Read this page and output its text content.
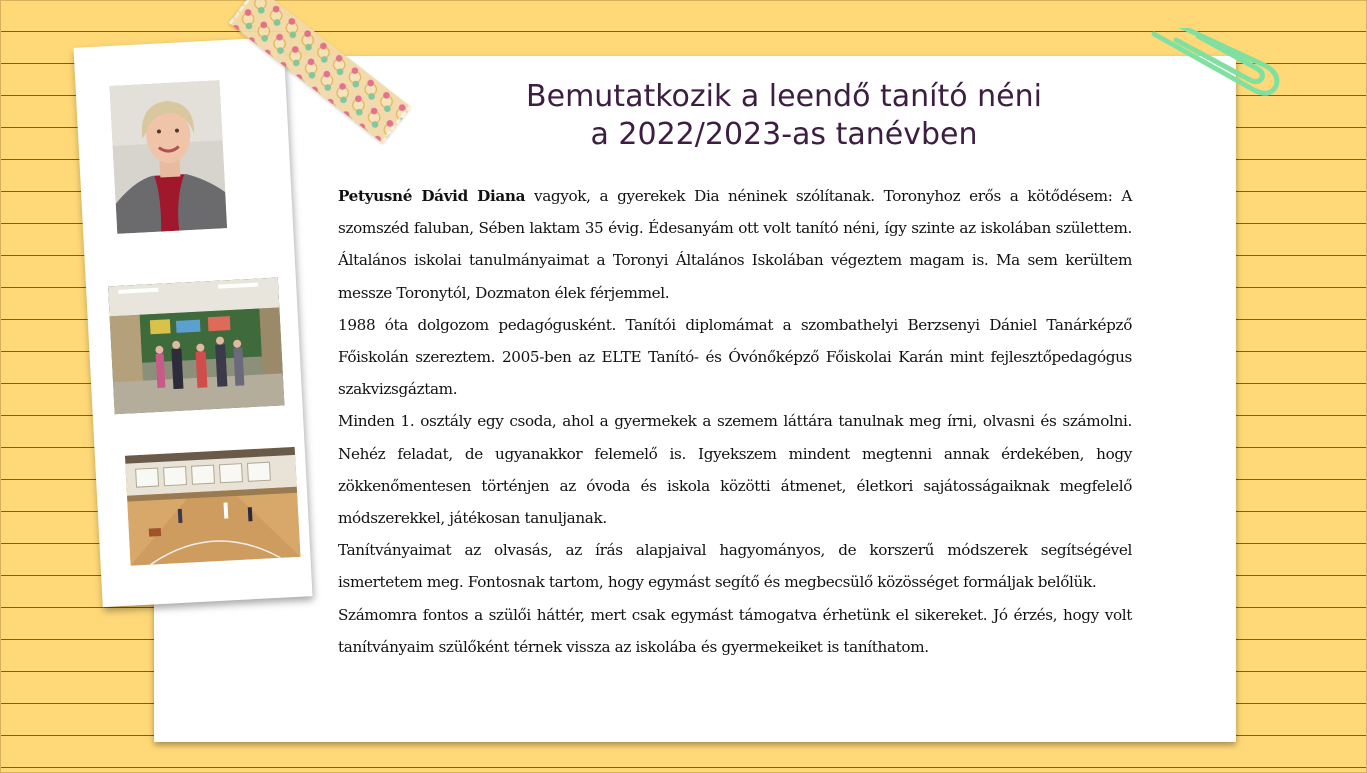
Bemutatkozik a leendő tanító néni
a 2022/2023-as tanévben

Petyusné Dávid Diana vagyok, a gyerekek Dia néninek szólítanak. Toronyhoz erős a kötődésem: A szomszéd faluban, Sében laktam 35 évig. Édesanyám ott volt tanító néni, így szinte az iskolában születtem. Általános iskolai tanulmányaimat a Toronyi Általános Iskolában végeztem magam is. Ma sem kerültem messze Toronytól, Dozmaton élek férjemmel.

1988 óta dolgozom pedagógusként. Tanítói diplomámat a szombathelyi Berzsenyi Dániel Tanárképző Főiskolán szereztem. 2005-ben az ELTE Tanító- és Óvónőképző Főiskolai Karán mint fejlesztőpedagógus szakvizsgáztam.

Minden 1. osztály egy csoda, ahol a gyermekek a szemem láttára tanulnak meg írni, olvasni és számolni. Nehéz feladat, de ugyanakkor felemelő is. Igyekszem mindent megtenni annak érdekében, hogy zökkenőmentesen történjen az óvoda és iskola közötti átmenet, életkori sajátosságaiknak megfelelő módszerekkel, játékosan tanuljanak.

Tanítványaimat az olvasás, az írás alapjaival hagyományos, de korszerű módszerek segítségével ismertetem meg. Fontosnak tartom, hogy egymást segítő és megbecsülő közösséget formáljak belőlük.

Számomra fontos a szülői háttér, mert csak egymást támogatva érhetünk el sikereket. Jó érzés, hogy volt tanítványaim szülőként térnek vissza az iskolába és gyermekeiket is taníthatom.
